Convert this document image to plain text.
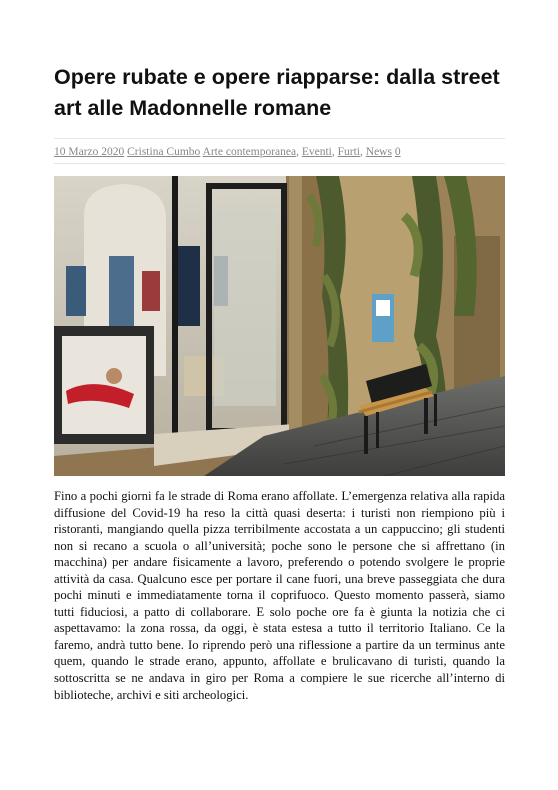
Opere rubate e opere riapparse: dalla street art alle Madonnelle romane
10 Marzo 2020 Cristina Cumbo Arte contemporanea, Eventi, Furti, News 0
Fino a pochi giorni fa le strade di Roma erano affollate. L’emergenza relativa alla rapida diffusione del Covid-19 ha reso la città quasi deserta: i turisti non riempiono più i ristoranti, mangiando quella pizza terribilmente accostata a un cappuccino; gli studenti non si recano a scuola o all’università; poche sono le persone che si affrettano (in macchina) per andare fisicamente a lavoro, preferendo o potendo svolgere le proprie attività da casa. Qualcuno esce per portare il cane fuori, una breve passeggiata che dura pochi minuti e immediatamente torna il coprifuoco. Questo momento passerà, siamo tutti fiduciosi, a patto di collaborare. E solo poche ore fa è giunta la notizia che ci aspettavamo: la zona rossa, da oggi, è stata estesa a tutto il territorio Italiano. Ce la faremo, andrà tutto bene. Io riprendo però una riflessione a partire da un terminus ante quem, quando le strade erano, appunto, affollate e brulicavano di turisti, quando la sottoscritta se ne andava in giro per Roma a compiere le sue ricerche all’interno di biblioteche, archivi e siti archeologici.
